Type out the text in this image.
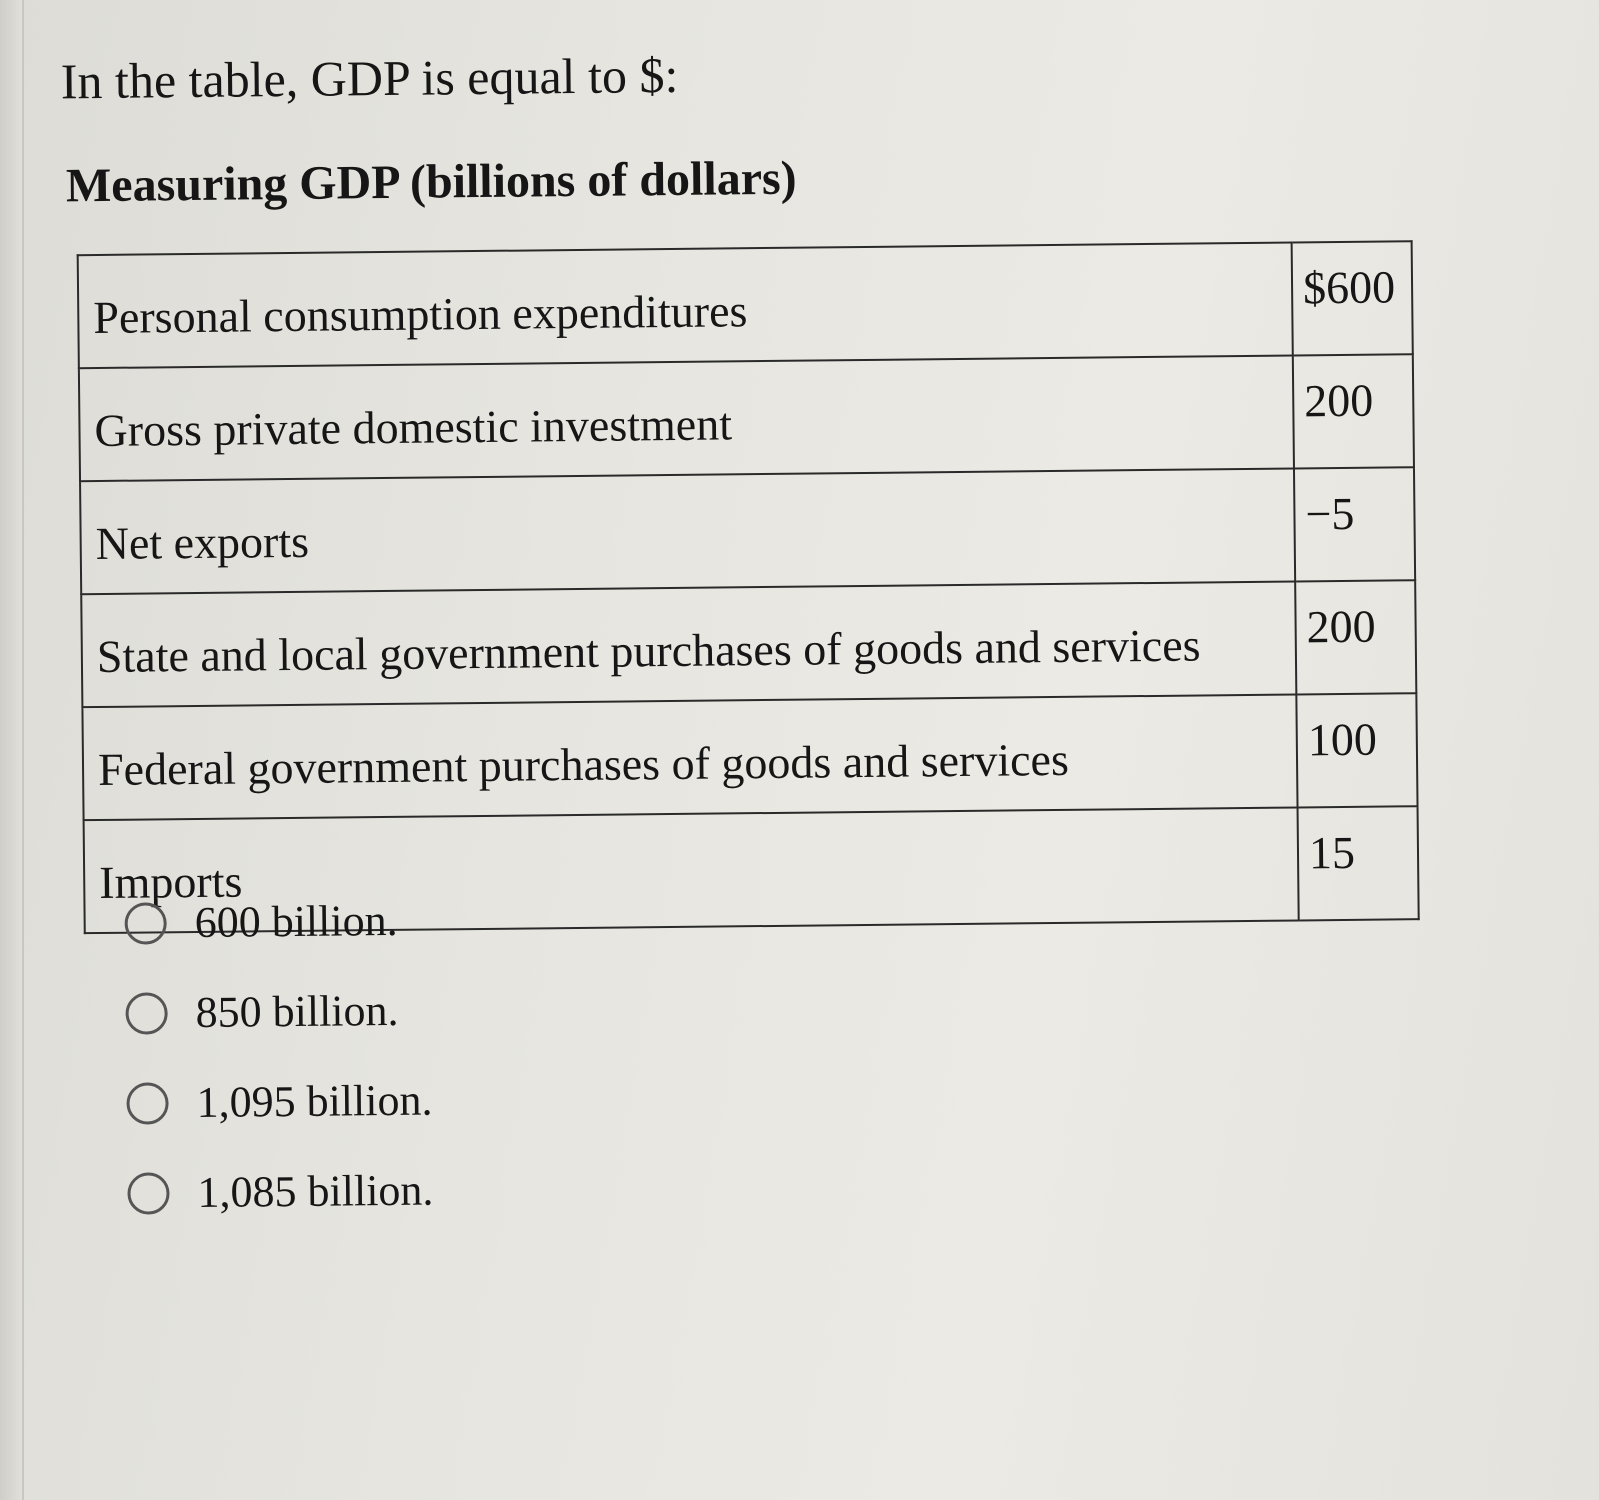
In the table, GDP is equal to $:
Measuring GDP (billions of dollars)
Personal consumption expenditures	$600
Gross private domestic investment	200
Net exports	−5
State and local government purchases of goods and services	200
Federal government purchases of goods and services	100
Imports	15
600 billion.
850 billion.
1,095 billion.
1,085 billion.
